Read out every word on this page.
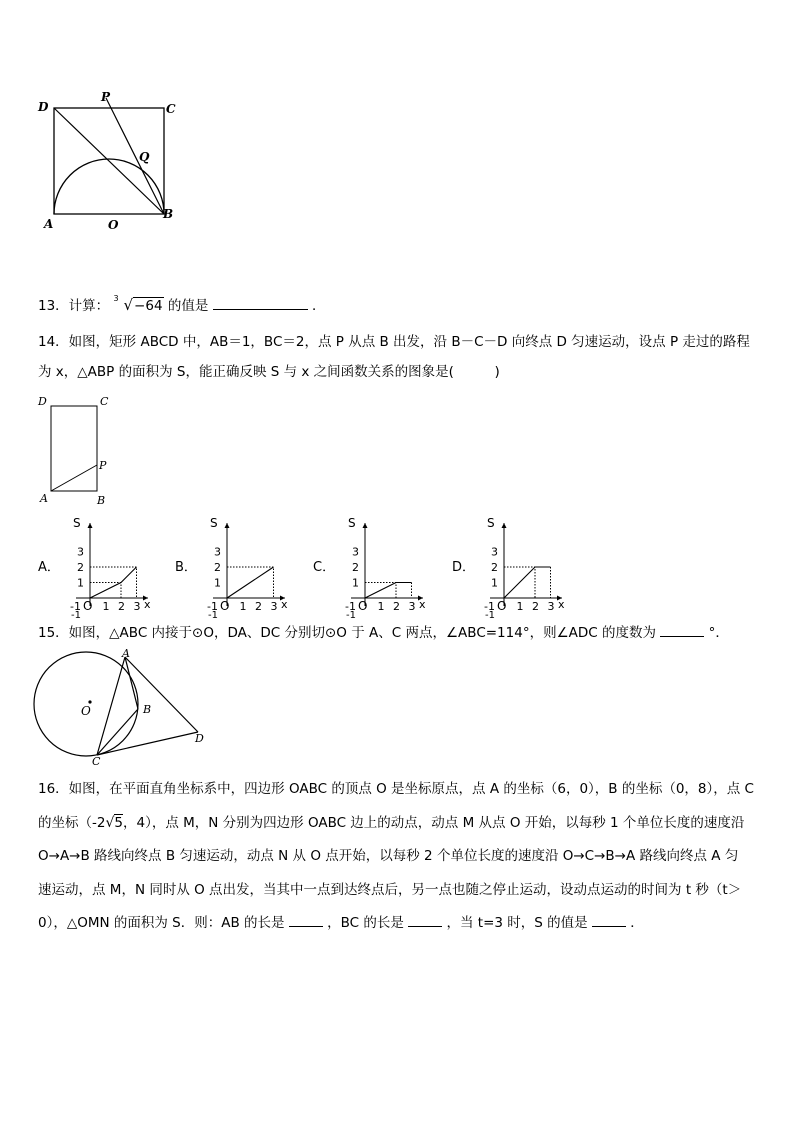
D
P
C
Q
A	O
B

13．计算： 3 √−64 的值是	．

14．如图，矩形 ABCD 中，AB＝1，BC＝2，点 P 从点 B 出发，沿 B－C－D 向终点 D 匀速运动，设点 P 走过的路程

为 x，△ABP 的面积为 S，能正确反映 S 与 x 之间函数关系的图象是(　　　)

D	C
P
A	B
A．
S
x
1
2
3
1 2 3
-1
-1
O
B．
S
x
1
2
3
1 2 3
-1
-1
O
C．
S
x
1
2
3
1 2 3
-1
-1
O
D．
S
x
1
2
3
1 2 3
-1
-1
O

15．如图，△ABC 内接于⊙O，DA、DC 分别切⊙O 于 A、C 两点，∠ABC=114°，则∠ADC 的度数为	°．

A
B
O
C
D

16．如图，在平面直角坐标系中，四边形 OABC 的顶点 O 是坐标原点，点 A 的坐标（6，0），B 的坐标（0，8），点 C

的坐标（-2√5，4），点 M，N 分别为四边形 OABC 边上的动点，动点 M 从点 O 开始，以每秒 1 个单位长度的速度沿

O→A→B 路线向终点 B 匀速运动，动点 N 从 O 点开始，以每秒 2 个单位长度的速度沿 O→C→B→A 路线向终点 A 匀

速运动，点 M，N 同时从 O 点出发，当其中一点到达终点后，另一点也随之停止运动，设动点运动的时间为 t 秒（t＞

0），△OMN 的面积为 S．则：AB 的长是	，BC 的长是	，当 t=3 时，S 的值是	．
